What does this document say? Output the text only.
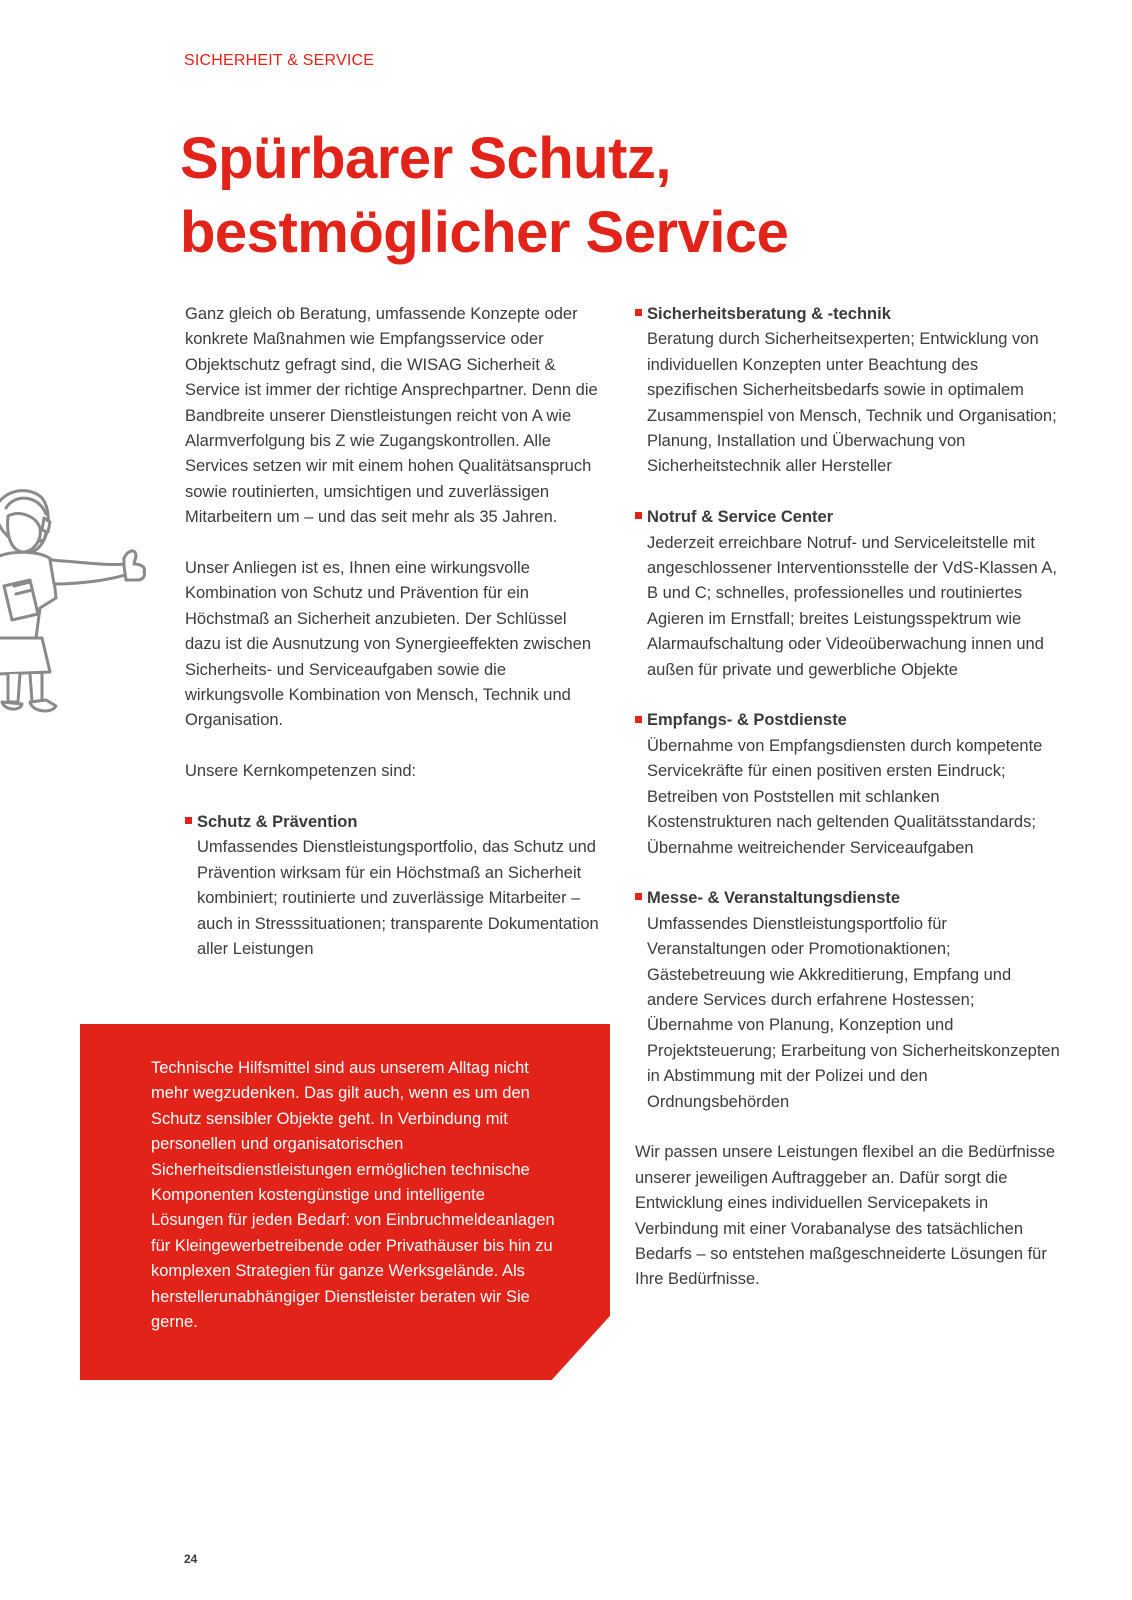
SICHERHEIT & SERVICE
Spürbarer Schutz,
bestmöglicher Service

Ganz gleich ob Beratung, umfassende Konzepte oder konkrete Maßnahmen wie Empfangsservice oder Objektschutz gefragt sind, die WISAG Sicherheit & Service ist immer der richtige Ansprechpartner. Denn die Bandbreite unserer Dienstleistungen reicht von A wie Alarmverfolgung bis Z wie Zugangskontrollen. Alle Services setzen wir mit einem hohen Qualitätsanspruch sowie routinierten, umsichtigen und zuverlässigen Mitarbeitern um – und das seit mehr als 35 Jahren.

Unser Anliegen ist es, Ihnen eine wirkungsvolle Kombination von Schutz und Prävention für ein Höchstmaß an Sicherheit anzubieten. Der Schlüssel dazu ist die Ausnutzung von Synergieeffekten zwischen Sicherheits- und Serviceaufgaben sowie die wirkungsvolle Kombination von Mensch, Technik und Organisation.

Unsere Kernkompetenzen sind:

Schutz & Prävention
Umfassendes Dienstleistungsportfolio, das Schutz und Prävention wirksam für ein Höchstmaß an Sicherheit kombiniert; routinierte und zuverlässige Mitarbeiter – auch in Stresssituationen; transparente Dokumentation aller Leistungen
Sicherheitsberatung & -technik
Beratung durch Sicherheitsexperten; Entwicklung von individuellen Konzepten unter Beachtung des spezifischen Sicherheitsbedarfs sowie in optimalem Zusammenspiel von Mensch, Technik und Organisation; Planung, Installation und Überwachung von Sicherheitstechnik aller Hersteller
Notruf & Service Center
Jederzeit erreichbare Notruf- und Serviceleitstelle mit angeschlossener Interventionsstelle der VdS-Klassen A, B und C; schnelles, professionelles und routiniertes Agieren im Ernstfall; breites Leistungsspektrum wie Alarmaufschaltung oder Videoüberwachung innen und außen für private und gewerbliche Objekte
Empfangs- & Postdienste
Übernahme von Empfangsdiensten durch kompetente Servicekräfte für einen positiven ersten Eindruck; Betreiben von Poststellen mit schlanken Kostenstrukturen nach geltenden Qualitätsstandards; Übernahme weitreichender Serviceaufgaben
Messe- & Veranstaltungsdienste
Umfassendes Dienstleistungsportfolio für Veranstaltungen oder Promotionaktionen; Gästebetreuung wie Akkreditierung, Empfang und andere Services durch erfahrene Hostessen; Übernahme von Planung, Konzeption und Projektsteuerung; Erarbeitung von Sicherheitskonzepten in Abstimmung mit der Polizei und den Ordnungsbehörden

Wir passen unsere Leistungen flexibel an die Bedürfnisse unserer jeweiligen Auftraggeber an. Dafür sorgt die Entwicklung eines individuellen Servicepakets in Verbindung mit einer Vorabanalyse des tatsächlichen Bedarfs – so entstehen maßgeschneiderte Lösungen für Ihre Bedürfnisse.

Technische Hilfsmittel sind aus unserem Alltag nicht mehr wegzudenken. Das gilt auch, wenn es um den Schutz sensibler Objekte geht. In Verbindung mit personellen und organisatorischen Sicherheitsdienstleistungen ermöglichen technische Komponenten kostengünstige und intelligente Lösungen für jeden Bedarf: von Einbruchmeldeanlagen für Kleingewerbetreibende oder Privathäuser bis hin zu komplexen Strategien für ganze Werksgelände. Als herstellerunabhängiger Dienstleister beraten wir Sie gerne.
24
